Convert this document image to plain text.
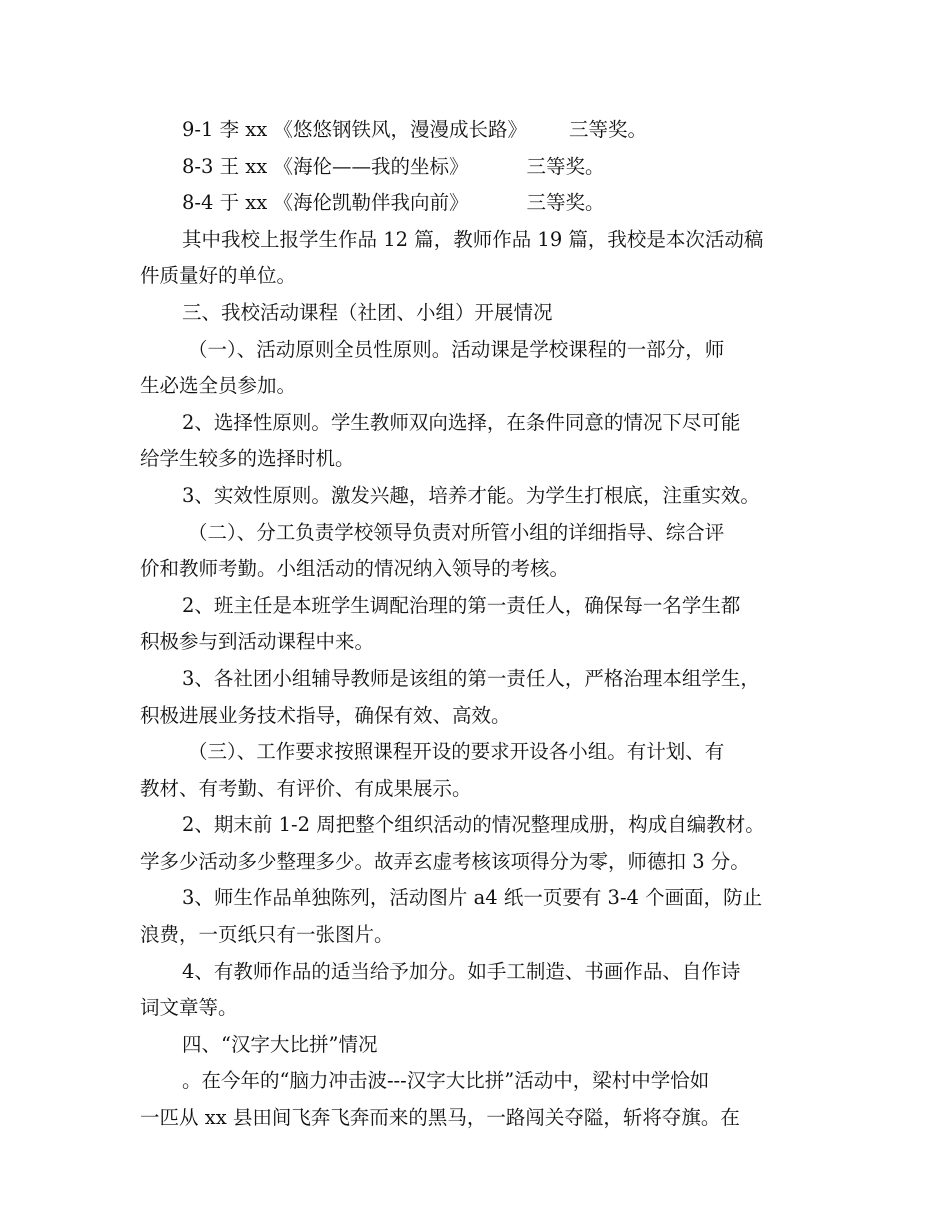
9-1 李 xx 《悠悠钢铁风，漫漫成长路》 三等奖。
8-3 王 xx 《海伦——我的坐标》	三等奖。
8-4 于 xx 《海伦凯勒伴我向前》	三等奖。
其中我校上报学生作品 12 篇，教师作品 19 篇，我校是本次活动稿
件质量好的单位。
三、我校活动课程（社团、小组）开展情况
（一）、活动原则全员性原则。活动课是学校课程的一部分，师
生必选全员参加。
2、选择性原则。学生教师双向选择，在条件同意的情况下尽可能
给学生较多的选择时机。
3、实效性原则。激发兴趣，培养才能。为学生打根底，注重实效。
（二）、分工负责学校领导负责对所管小组的详细指导、综合评
价和教师考勤。小组活动的情况纳入领导的考核。
2、班主任是本班学生调配治理的第一责任人，确保每一名学生都
积极参与到活动课程中来。
3、各社团小组辅导教师是该组的第一责任人，严格治理本组学生，
积极进展业务技术指导，确保有效、高效。
（三）、工作要求按照课程开设的要求开设各小组。有计划、有
教材、有考勤、有评价、有成果展示。
2、期末前 1-2 周把整个组织活动的情况整理成册，构成自编教材。
学多少活动多少整理多少。故弄玄虚考核该项得分为零，师德扣 3 分。
3、师生作品单独陈列，活动图片 a4 纸一页要有 3-4 个画面，防止
浪费，一页纸只有一张图片。
4、有教师作品的适当给予加分。如手工制造、书画作品、自作诗
词文章等。
四、“汉字大比拼”情况
。在今年的“脑力冲击波---汉字大比拼”活动中，梁村中学恰如
一匹从 xx 县田间飞奔飞奔而来的黑马，一路闯关夺隘，斩将夺旗。在
